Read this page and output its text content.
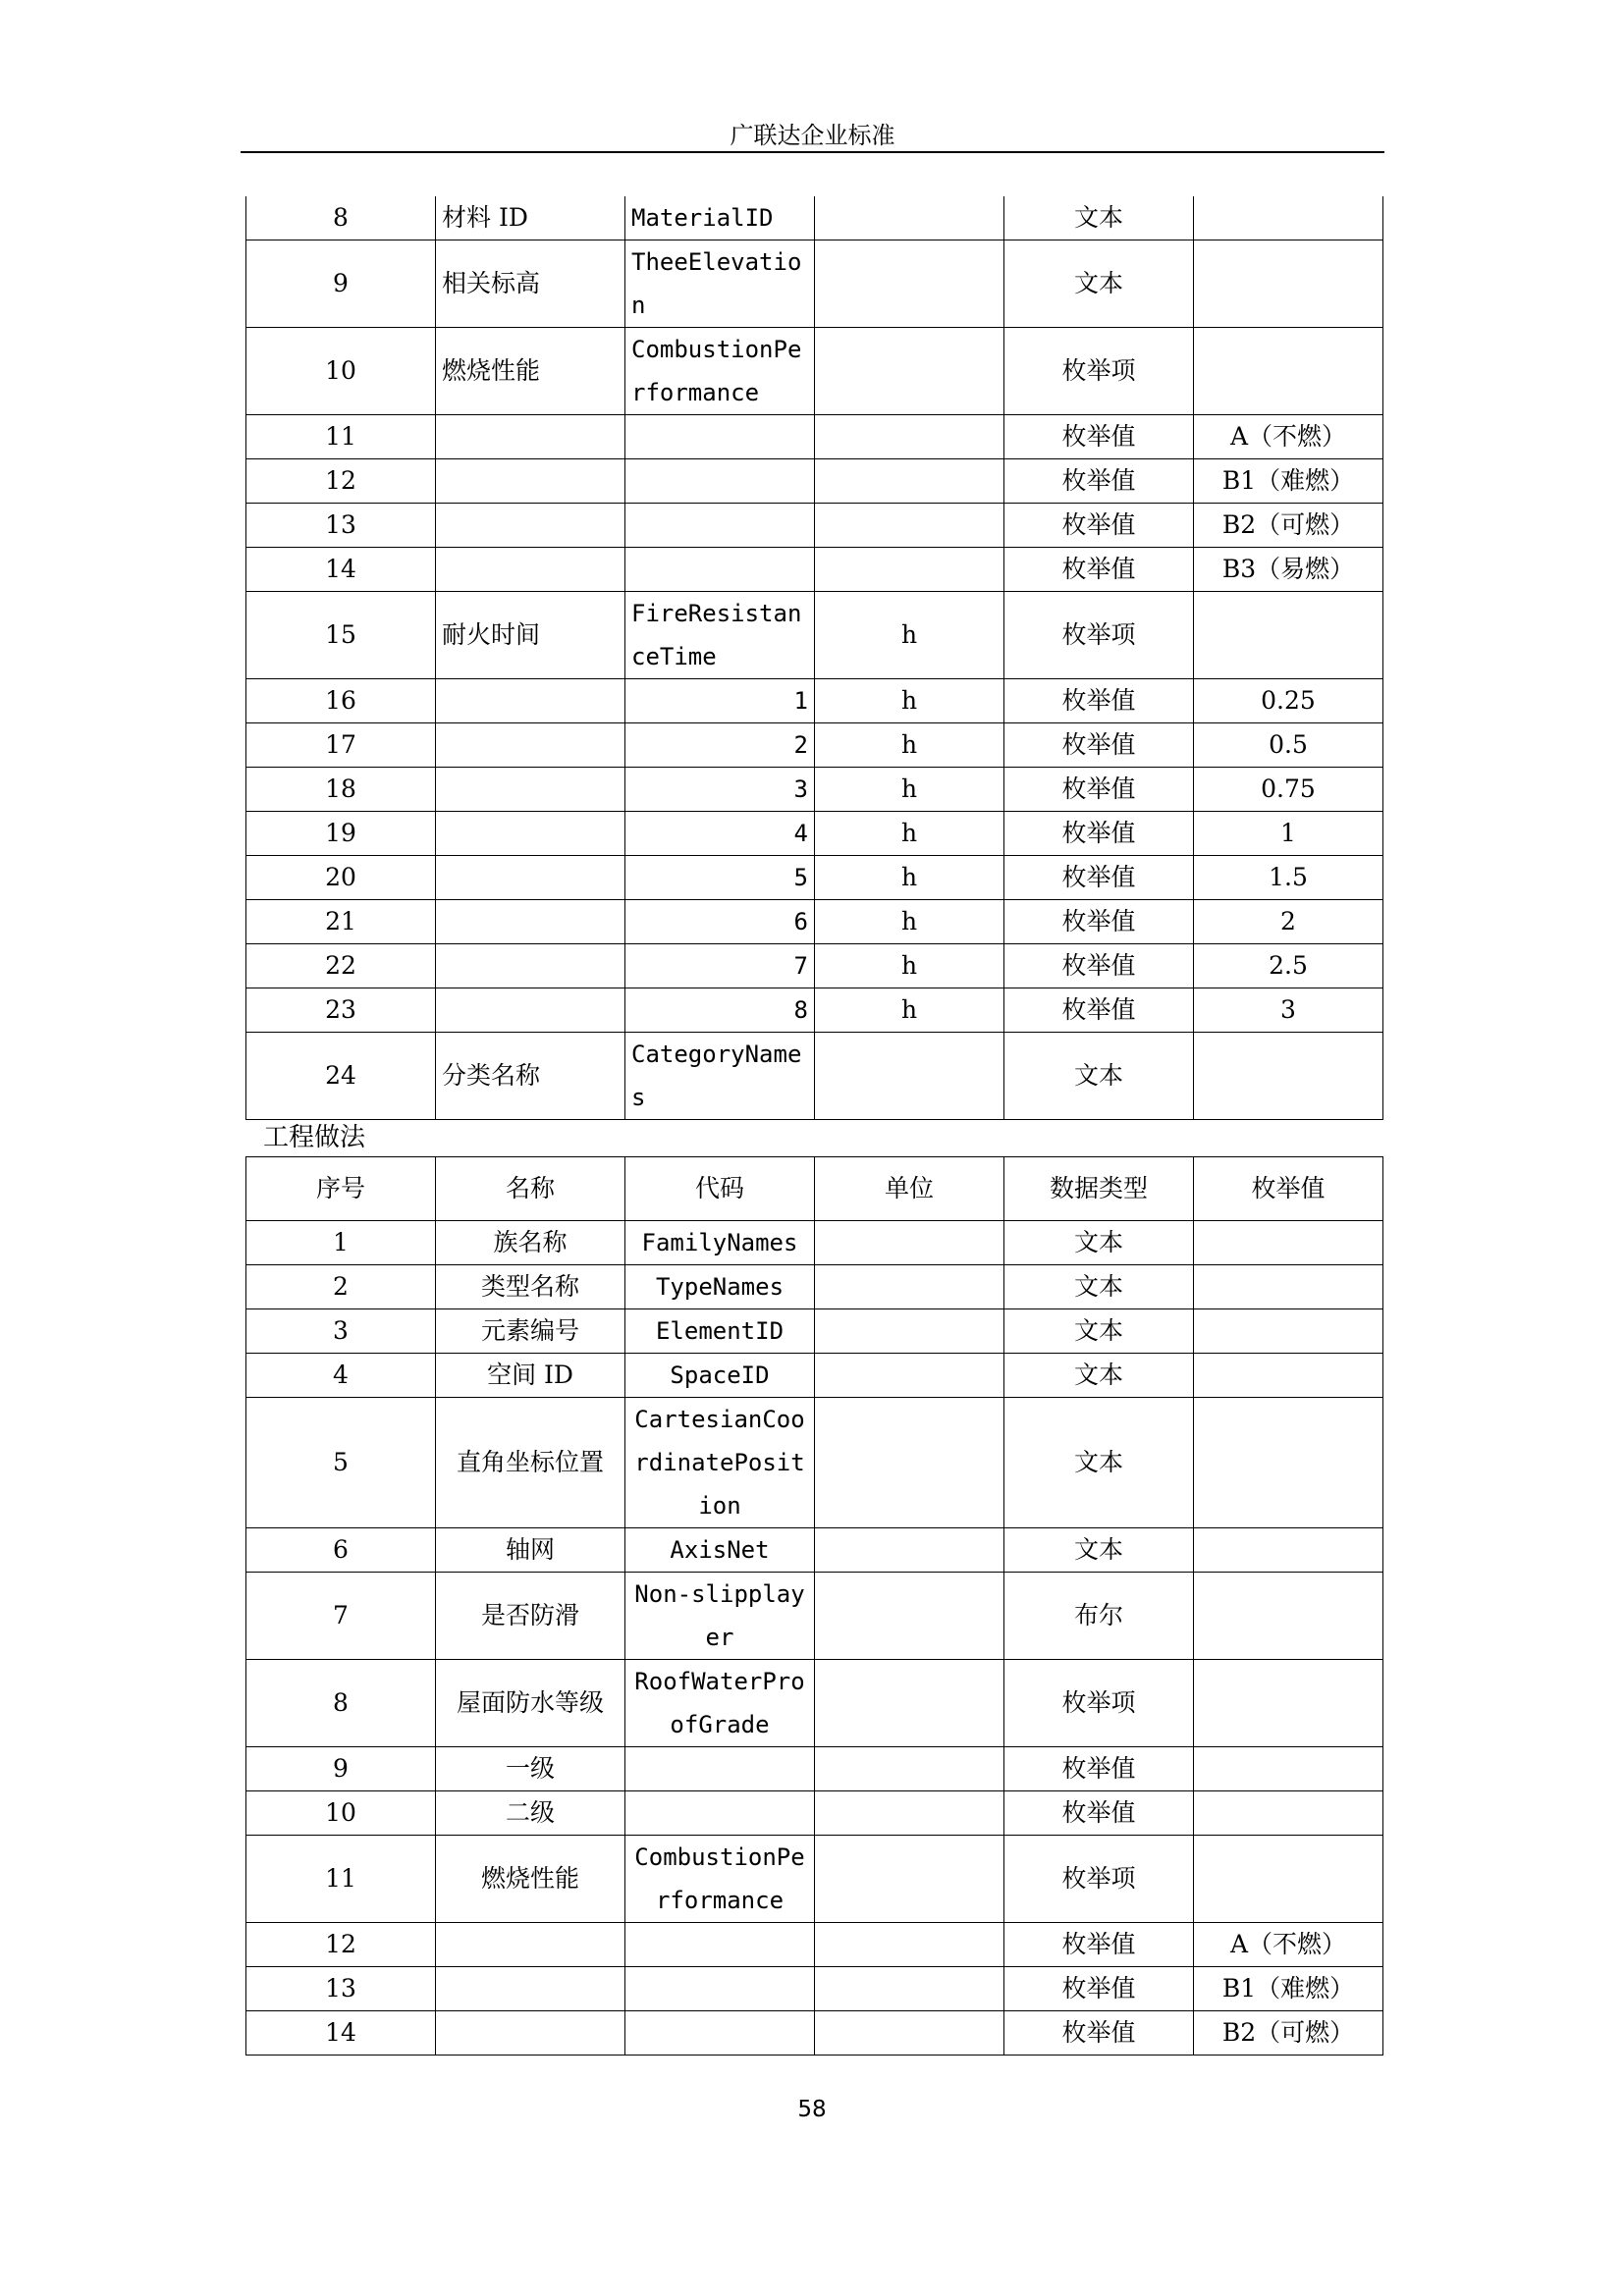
广联达企业标准
8	材料 ID	MaterialID		文本	
9	相关标高	TheeElevation		文本	
10	燃烧性能	CombustionPerformance		枚举项	
11				枚举值	A（不燃）
12				枚举值	B1（难燃）
13				枚举值	B2（可燃）
14				枚举值	B3（易燃）
15	耐火时间	FireResistanceTime	h	枚举项	
16		1	h	枚举值	0.25
17		2	h	枚举值	0.5
18		3	h	枚举值	0.75
19		4	h	枚举值	1
20		5	h	枚举值	1.5
21		6	h	枚举值	2
22		7	h	枚举值	2.5
23		8	h	枚举值	3
24	分类名称	CategoryNames		文本	
工程做法
序号	名称	代码	单位	数据类型	枚举值
1	族名称	FamilyNames		文本	
2	类型名称	TypeNames		文本	
3	元素编号	ElementID		文本	
4	空间 ID	SpaceID		文本	
5	直角坐标位置	CartesianCoordinatePosition		文本	
6	轴网	AxisNet		文本	
7	是否防滑	Non-slipplayer		布尔	
8	屋面防水等级	RoofWaterProofGrade		枚举项	
9	一级			枚举值	
10	二级			枚举值	
11	燃烧性能	CombustionPerformance		枚举项	
12				枚举值	A（不燃）
13				枚举值	B1（难燃）
14				枚举值	B2（可燃）
58
